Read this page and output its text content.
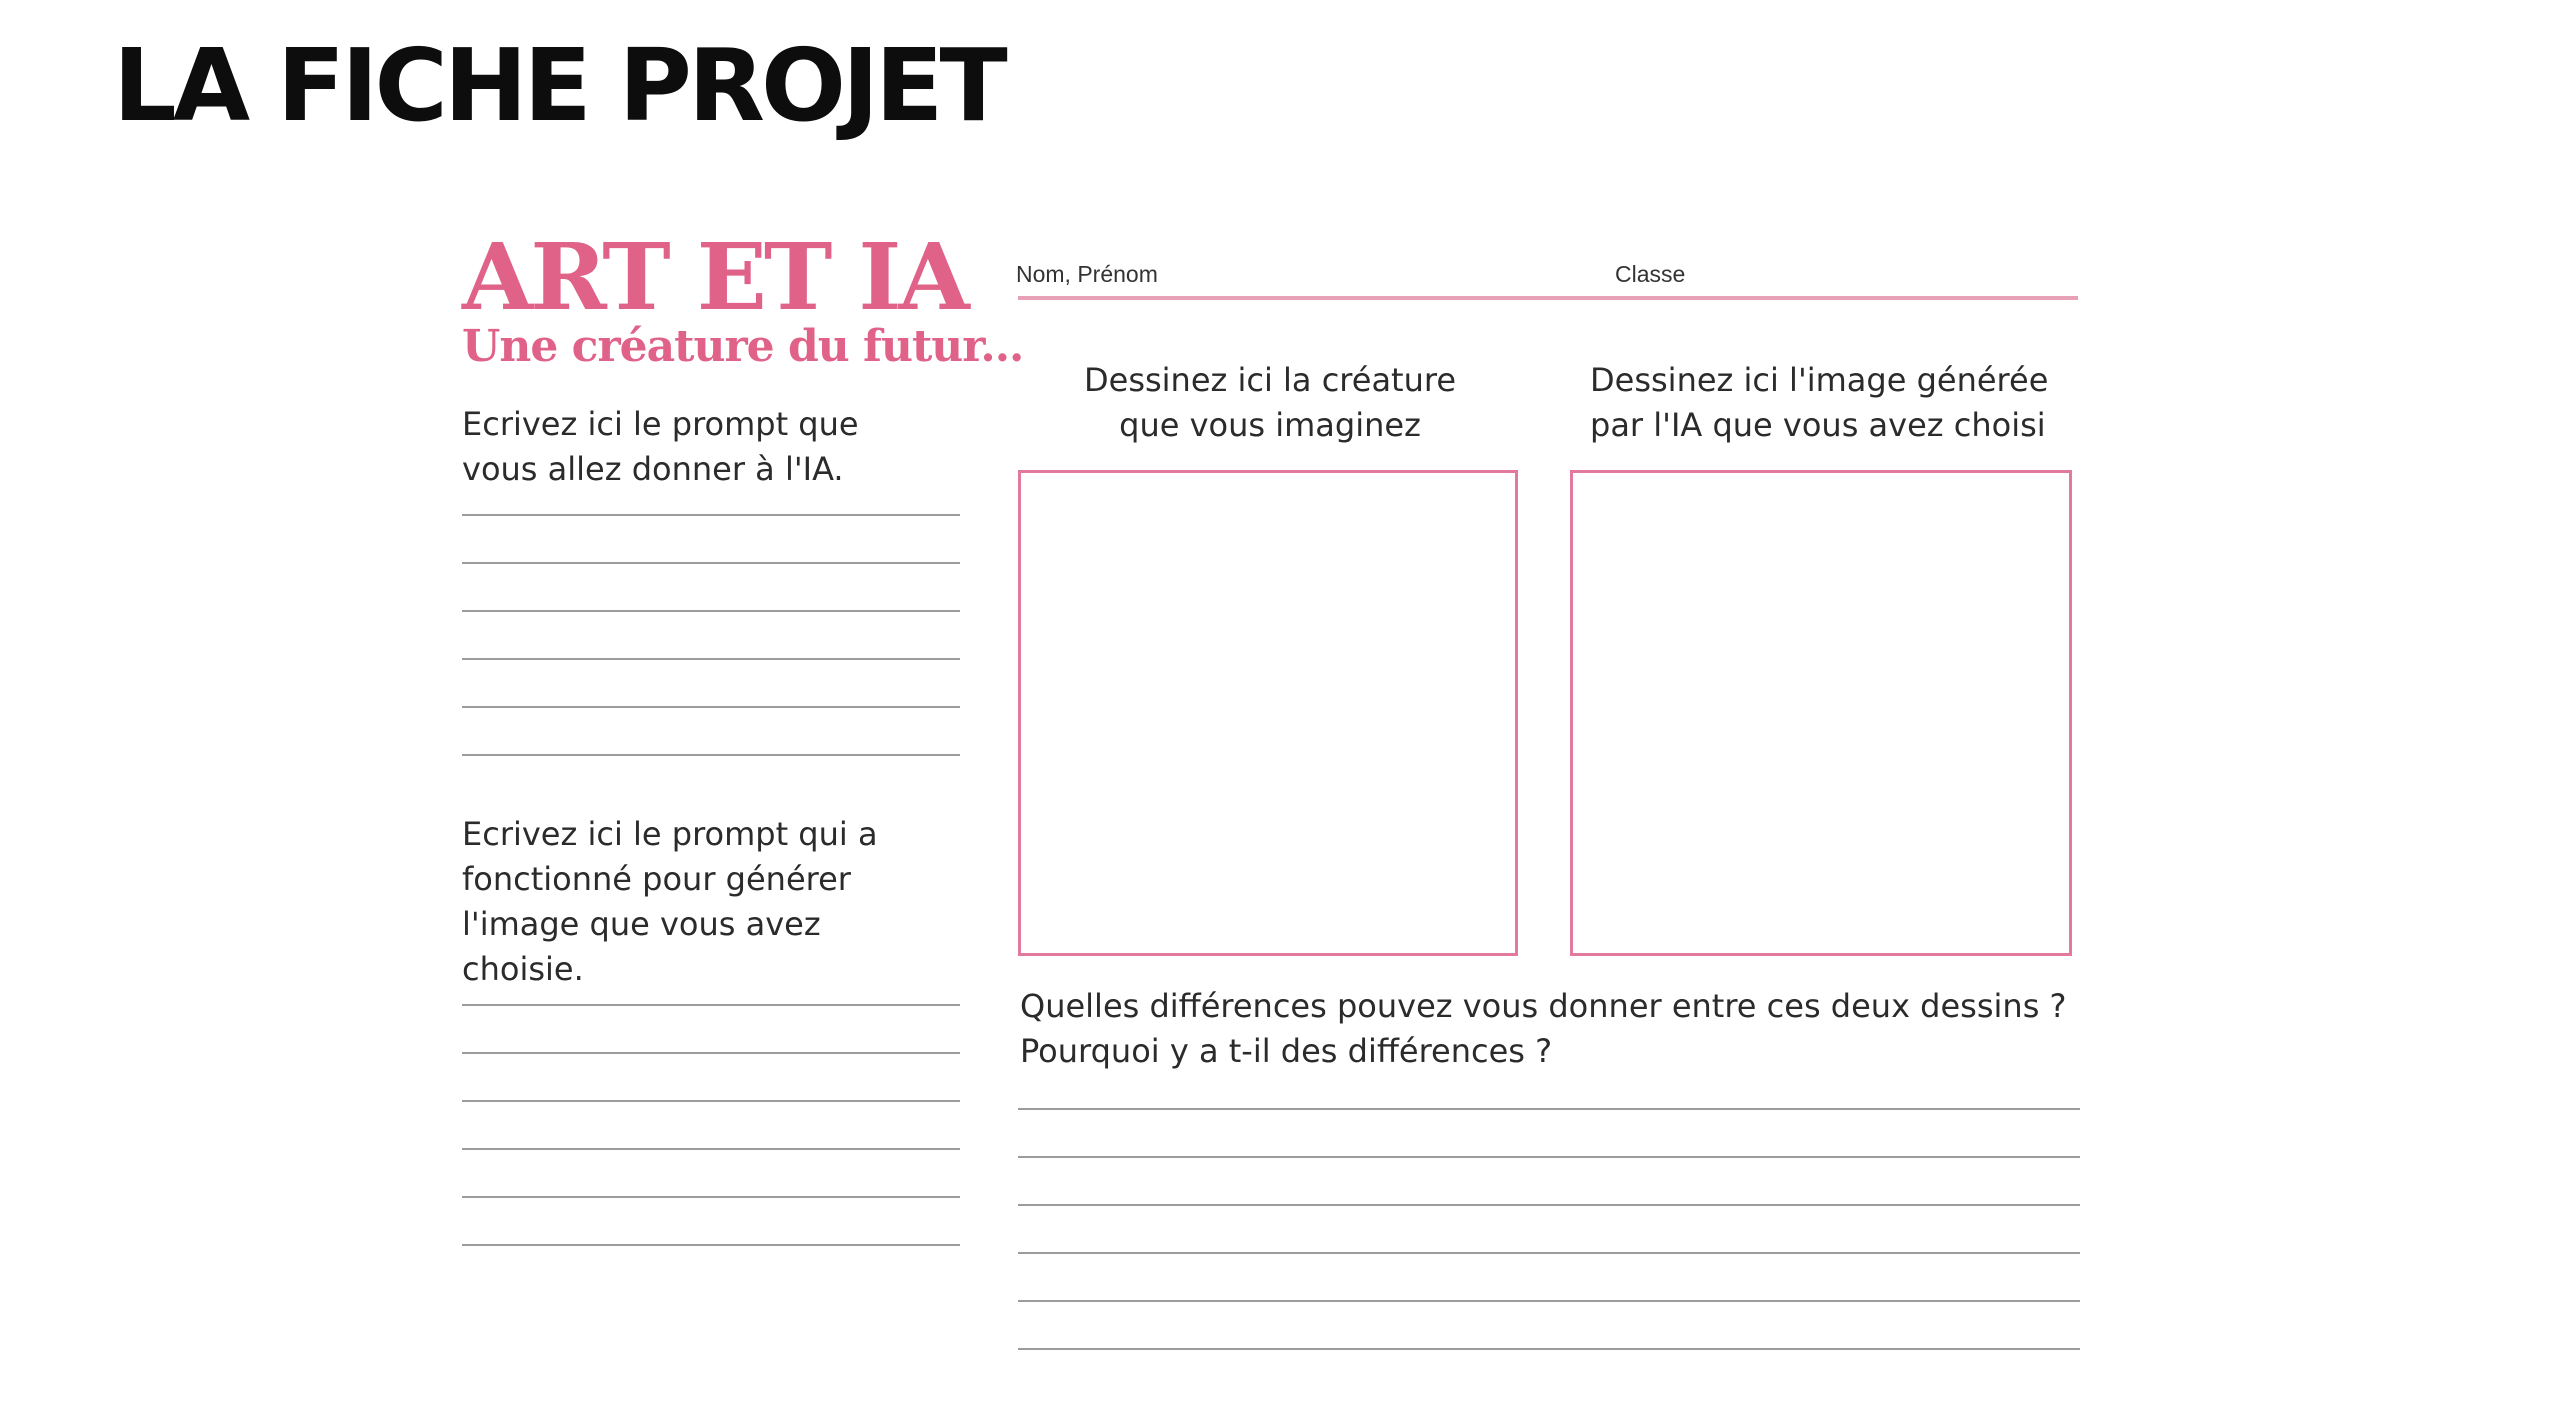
LA FICHE PROJET
ART ET IA
Une créature du futur...
Nom, Prénom	Classe
Ecrivez ici le prompt que vous allez donner à l'IA.
Ecrivez ici le prompt qui a fonctionné pour générer l'image que vous avez choisie.
Dessinez ici la créature que vous imaginez
Dessinez ici l'image générée par l'IA que vous avez choisi
Quelles différences pouvez vous donner entre ces deux dessins ? Pourquoi y a t-il des différences ?
